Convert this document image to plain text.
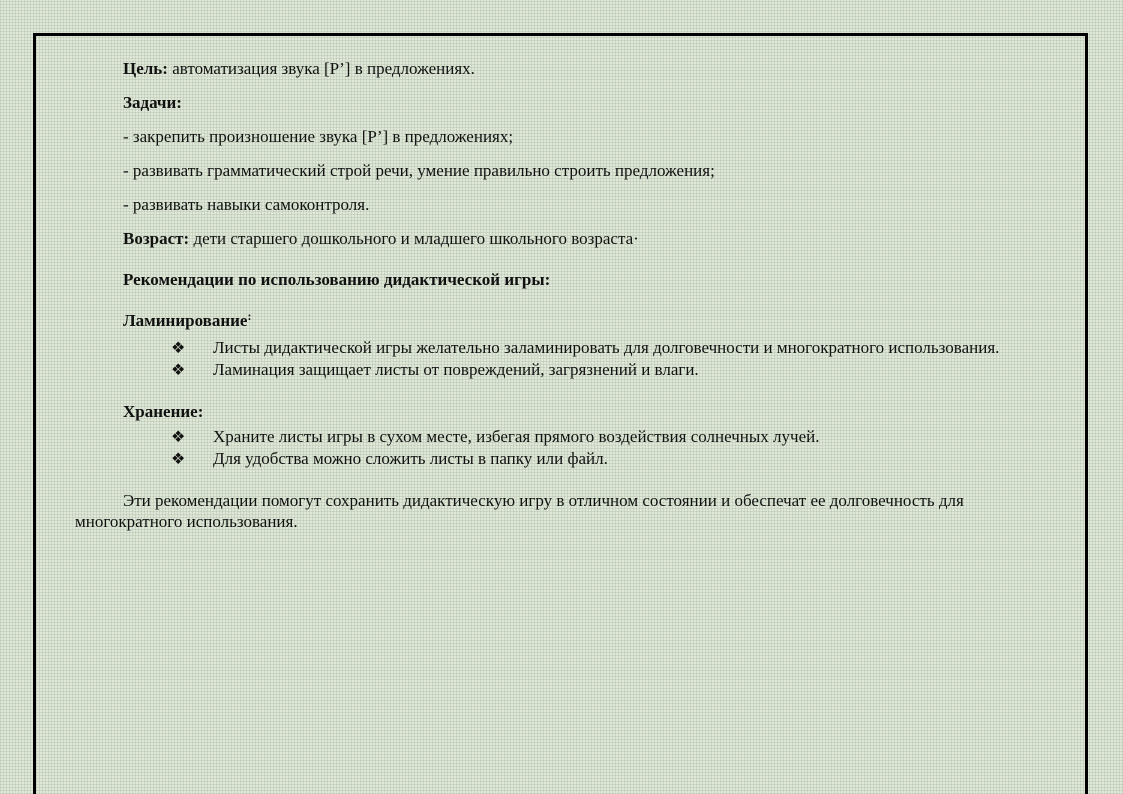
Цель: автоматизация звука [Р’] в предложениях.

Задачи:

- закрепить произношение звука [Р’] в предложениях;

- развивать грамматический строй речи, умение правильно строить предложения;

- развивать навыки самоконтроля.

Возраст: дети старшего дошкольного и младшего школьного возраста·

Рекомендации по использованию дидактической игры:

Ламинирование:

❖ Листы дидактической игры желательно заламинировать для долговечности и многократного использования.

❖ Ламинация защищает листы от повреждений, загрязнений и влаги.

Хранение:

❖ Храните листы игры в сухом месте, избегая прямого воздействия солнечных лучей.

❖ Для удобства можно сложить листы в папку или файл.

Эти рекомендации помогут сохранить дидактическую игру в отличном состоянии и обеспечат ее долговечность для многократного использования.
